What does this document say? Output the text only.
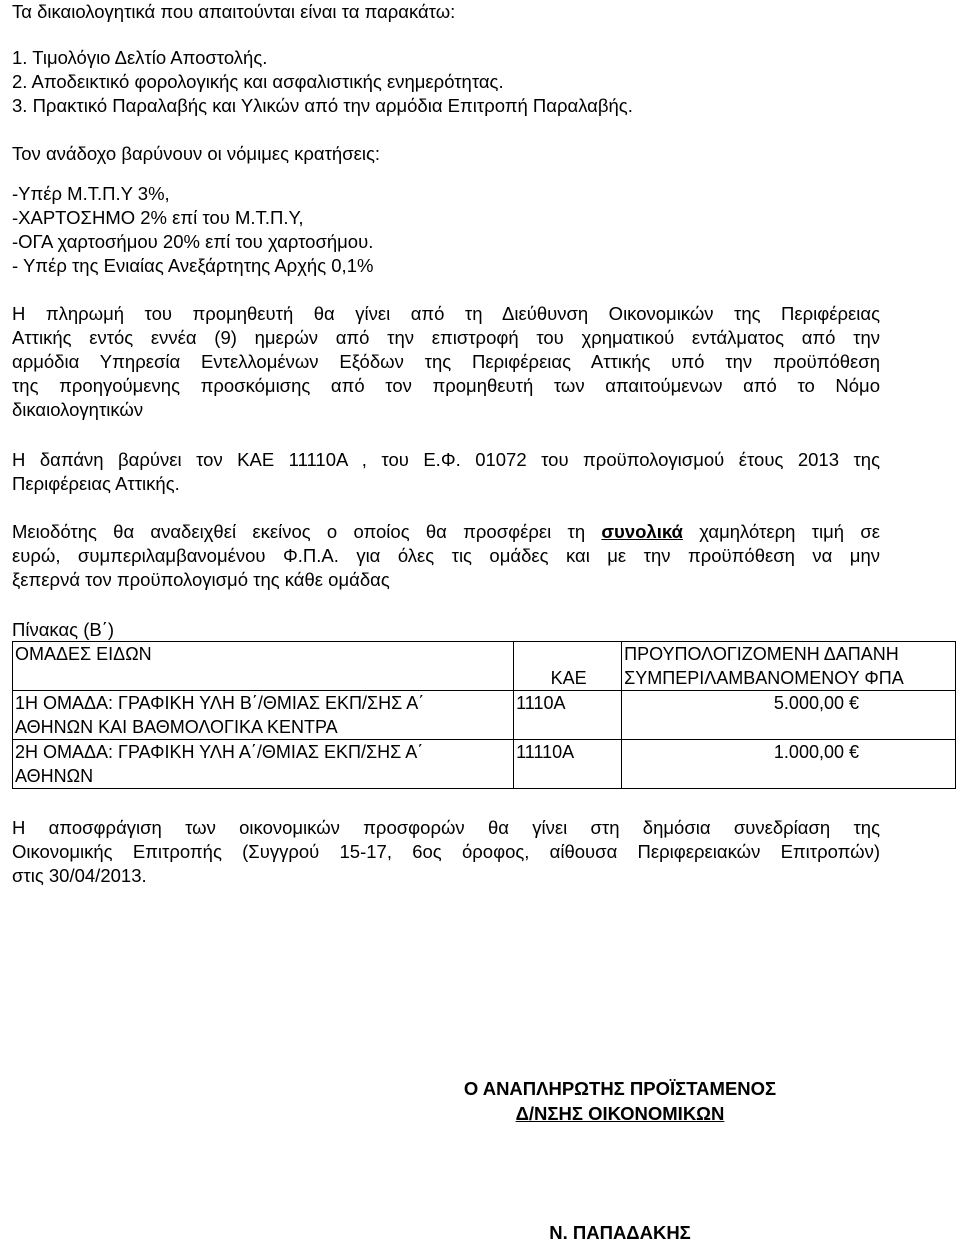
Τα δικαιολογητικά που απαιτούνται είναι τα παρακάτω:
1. Τιμολόγιο Δελτίο Αποστολής.
2. Αποδεικτικό φορολογικής και ασφαλιστικής ενημερότητας.
3. Πρακτικό Παραλαβής και Υλικών από την αρμόδια Επιτροπή Παραλαβής.
Τον ανάδοχο βαρύνουν οι νόμιμες κρατήσεις:
-Υπέρ Μ.Τ.Π.Υ 3%,
-ΧΑΡΤΟΣΗΜΟ 2% επί του Μ.Τ.Π.Υ,
-ΟΓΑ χαρτοσήμου 20% επί του χαρτοσήμου.
- Υπέρ της Ενιαίας Ανεξάρτητης Αρχής 0,1%
Η πληρωμή του προμηθευτή θα γίνει από τη Διεύθυνση Οικονομικών της Περιφέρειας
Αττικής εντός εννέα (9) ημερών από την επιστροφή του χρηματικού εντάλματος από την
αρμόδια Υπηρεσία Εντελλομένων Εξόδων της Περιφέρειας Αττικής υπό την προϋπόθεση
της προηγούμενης προσκόμισης από τον προμηθευτή των απαιτούμενων από το Νόμο
δικαιολογητικών
Η δαπάνη βαρύνει τον ΚΑΕ 11110Α , του Ε.Φ. 01072 του προϋπολογισμού έτους 2013 της
Περιφέρειας Αττικής.
Μειοδότης θα αναδειχθεί εκείνος ο οποίος θα προσφέρει τη συνολικά χαμηλότερη τιμή σε
ευρώ, συμπεριλαμβανομένου Φ.Π.Α. για όλες τις ομάδες και με την προϋπόθεση να μην
ξεπερνά τον προϋπολογισμό της κάθε ομάδας
Πίνακας (Β΄)
ΟΜΑΔΕΣ ΕΙΔΩΝ	ΚΑΕ	ΠΡΟΥΠΟΛΟΓΙΖΟΜΕΝΗ ΔΑΠΑΝΗ
ΣΥΜΠΕΡΙΛΑΜΒΑΝΟΜΕΝΟΥ ΦΠΑ

1Η ΟΜΑΔΑ: ΓΡΑΦΙΚΗ ΥΛΗ Β΄/ΘΜΙΑΣ ΕΚΠ/ΣΗΣ Α΄
ΑΘΗΝΩΝ ΚΑΙ ΒΑΘΜΟΛΟΓΙΚΑ ΚΕΝΤΡΑ	1110Α	5.000,00 €

2Η ΟΜΑΔΑ: ΓΡΑΦΙΚΗ ΥΛΗ Α΄/ΘΜΙΑΣ ΕΚΠ/ΣΗΣ Α΄
ΑΘΗΝΩΝ	11110Α	1.000,00 €
Η αποσφράγιση των οικονομικών προσφορών θα γίνει στη δημόσια συνεδρίαση της
Οικονομικής Επιτροπής (Συγγρού 15-17, 6ος όροφος, αίθουσα Περιφερειακών Επιτροπών)
στις 30/04/2013.
Ο ΑΝΑΠΛΗΡΩΤΗΣ ΠΡΟΪΣΤΑΜΕΝΟΣ
Δ/ΝΣΗΣ ΟΙΚΟΝΟΜΙΚΩΝ
Ν. ΠΑΠΑΔΑΚΗΣ
